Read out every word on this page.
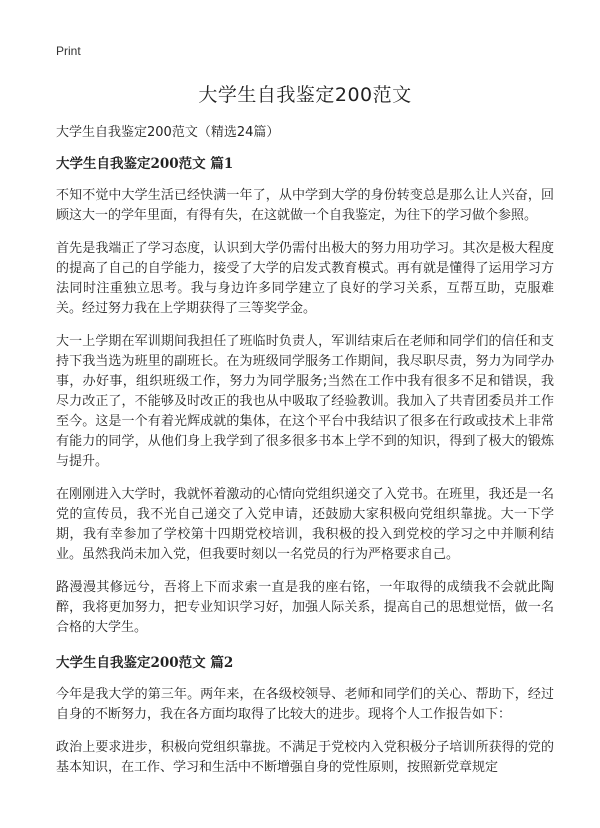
Print

大学生自我鉴定200范文

大学生自我鉴定200范文（精选24篇）

大学生自我鉴定200范文 篇1

不知不觉中大学生活已经快满一年了，从中学到大学的身份转变总是那么让人兴奋，回顾这大一的学年里面，有得有失，在这就做一个自我鉴定，为往下的学习做个参照。

首先是我端正了学习态度，认识到大学仍需付出极大的努力用功学习。其次是极大程度的提高了自己的自学能力，接受了大学的启发式教育模式。再有就是懂得了运用学习方法同时注重独立思考。我与身边许多同学建立了良好的学习关系，互帮互助，克服难关。经过努力我在上学期获得了三等奖学金。

大一上学期在军训期间我担任了班临时负责人，军训结束后在老师和同学们的信任和支持下我当选为班里的副班长。在为班级同学服务工作期间，我尽职尽责，努力为同学办事，办好事，组织班级工作，努力为同学服务;当然在工作中我有很多不足和错误，我尽力改正了，不能够及时改正的我也从中吸取了经验教训。我加入了共青团委员并工作至今。这是一个有着光辉成就的集体，在这个平台中我结识了很多在行政或技术上非常有能力的同学，从他们身上我学到了很多很多书本上学不到的知识，得到了极大的锻炼与提升。

在刚刚进入大学时，我就怀着激动的心情向党组织递交了入党书。在班里，我还是一名党的宣传员，我不光自己递交了入党申请，还鼓励大家积极向党组织靠拢。大一下学期，我有幸参加了学校第十四期党校培训，我积极的投入到党校的学习之中并顺利结业。虽然我尚未加入党，但我要时刻以一名党员的行为严格要求自己。

路漫漫其修远兮，吾将上下而求索一直是我的座右铭，一年取得的成绩我不会就此陶醉，我将更加努力，把专业知识学习好，加强人际关系，提高自己的思想觉悟，做一名合格的大学生。

大学生自我鉴定200范文 篇2

今年是我大学的第三年。两年来，在各级校领导、老师和同学们的关心、帮助下，经过自身的不断努力，我在各方面均取得了比较大的进步。现将个人工作报告如下：

政治上要求进步，积极向党组织靠拢。不满足于党校内入党积极分子培训所获得的党的基本知识，在工作、学习和生活中不断增强自身的党性原则，按照新党章规定
